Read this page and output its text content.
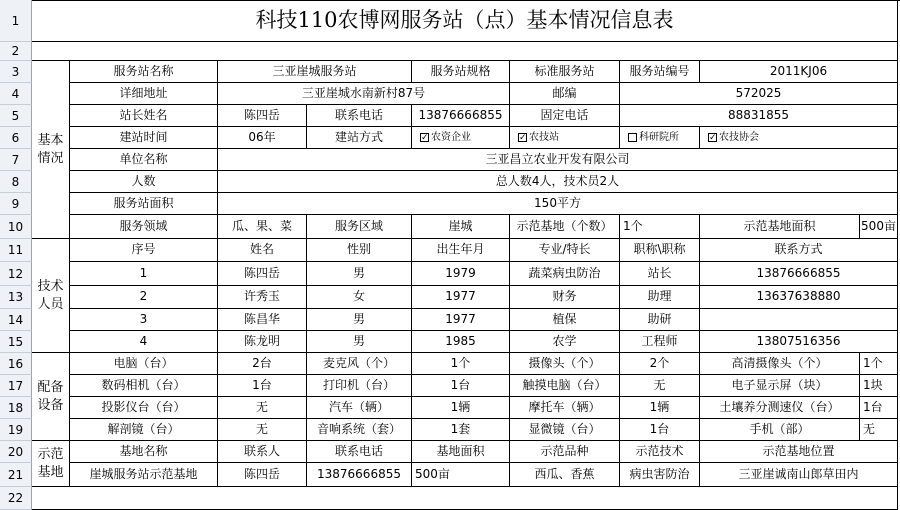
1
2
3
4
5
6
7
8
9
10
11
12
13
14
15
16
17
18
19
20
21
22
科技110农博网服务站（点）基本情况信息表
基本
情况
技术
人员
配备
设备
示范
基地
服务站名称	三亚崖城服务站	服务站规格	标准服务站	服务站编号	2011KJ06
详细地址	三亚崖城水南新村87号	邮编	572025
站长姓名	陈四岳	联系电话	13876666855	固定电话	88831855
建站时间	06年	建站方式	✓ 农资企业	✓ 农技站	科研院所	✓ 农技协会
单位名称	三亚昌立农业开发有限公司
人数	总人数4人，技术员2人
服务站面积	150平方
服务领域	瓜、果、菜	服务区域	崖城	示范基地（个数） 1个	示范基地面积	500亩
序号	姓名	性别	出生年月	专业/特长	职称\职称	联系方式
1	陈四岳	男	1979	蔬菜病虫防治	站长	13876666855
2	许秀玉	女	1977	财务	助理	13637638880
3	陈昌华	男	1977	植保	助研
4	陈龙明	男	1985	农学	工程师	13807516356
电脑（台）	2台	麦克风（个）	1个	摄像头（个）	2个	高清摄像头（个）	1个
数码相机（台）	1台	打印机（台）	1台	触摸电脑（台）	无	电子显示屏（块）	1块
投影仪台（台）	无	汽车（辆）	1辆	摩托车（辆）	1辆	土壤养分测速仪（台）	1台
解剖镜（台）	无	音响系统（套）	1套	显微镜（台）	1台	手机（部）	无
基地名称	联系人	联系电话	基地面积	示范品种	示范技术	示范基地位置
崖城服务站示范基地	陈四岳	13876666855	500亩	西瓜、香蕉	病虫害防治	三亚崖诚南山郎草田内
